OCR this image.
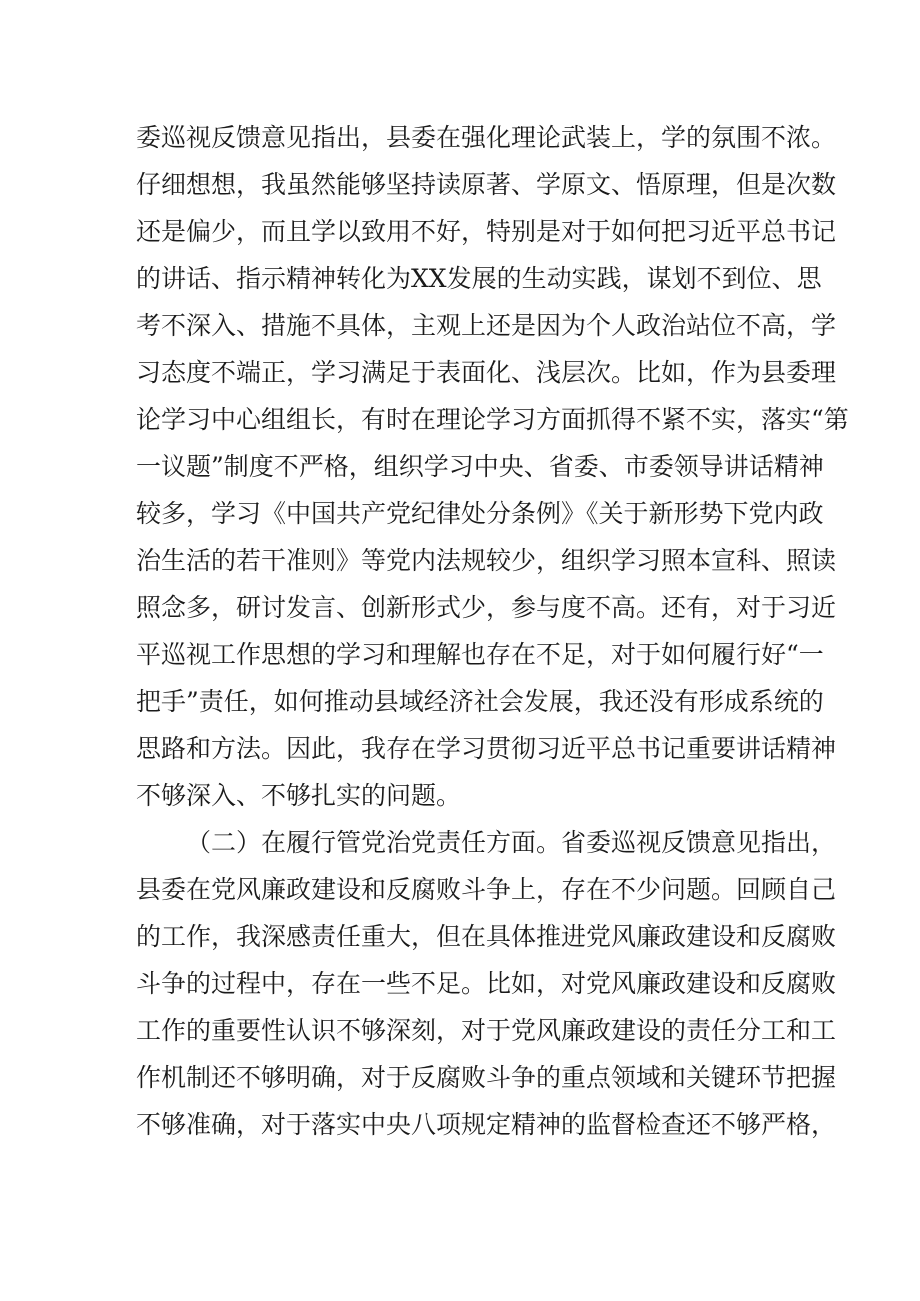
委巡视反馈意见指出，县委在强化理论武装上，学的氛围不浓。
仔细想想，我虽然能够坚持读原著、学原文、悟原理，但是次数
还是偏少，而且学以致用不好，特别是对于如何把习近平总书记
的讲话、指示精神转化为XX发展的生动实践，谋划不到位、思
考不深入、措施不具体，主观上还是因为个人政治站位不高，学
习态度不端正，学习满足于表面化、浅层次。比如，作为县委理
论学习中心组组长，有时在理论学习方面抓得不紧不实，落实“第
一议题”制度不严格，组织学习中央、省委、市委领导讲话精神
较多，学习《中国共产党纪律处分条例》《关于新形势下党内政
治生活的若干准则》等党内法规较少，组织学习照本宣科、照读
照念多，研讨发言、创新形式少，参与度不高。还有，对于习近
平巡视工作思想的学习和理解也存在不足，对于如何履行好“一
把手”责任，如何推动县域经济社会发展，我还没有形成系统的
思路和方法。因此，我存在学习贯彻习近平总书记重要讲话精神
不够深入、不够扎实的问题。
（二）在履行管党治党责任方面。省委巡视反馈意见指出，
县委在党风廉政建设和反腐败斗争上，存在不少问题。回顾自己
的工作，我深感责任重大，但在具体推进党风廉政建设和反腐败
斗争的过程中，存在一些不足。比如，对党风廉政建设和反腐败
工作的重要性认识不够深刻，对于党风廉政建设的责任分工和工
作机制还不够明确，对于反腐败斗争的重点领域和关键环节把握
不够准确，对于落实中央八项规定精神的监督检查还不够严格，
